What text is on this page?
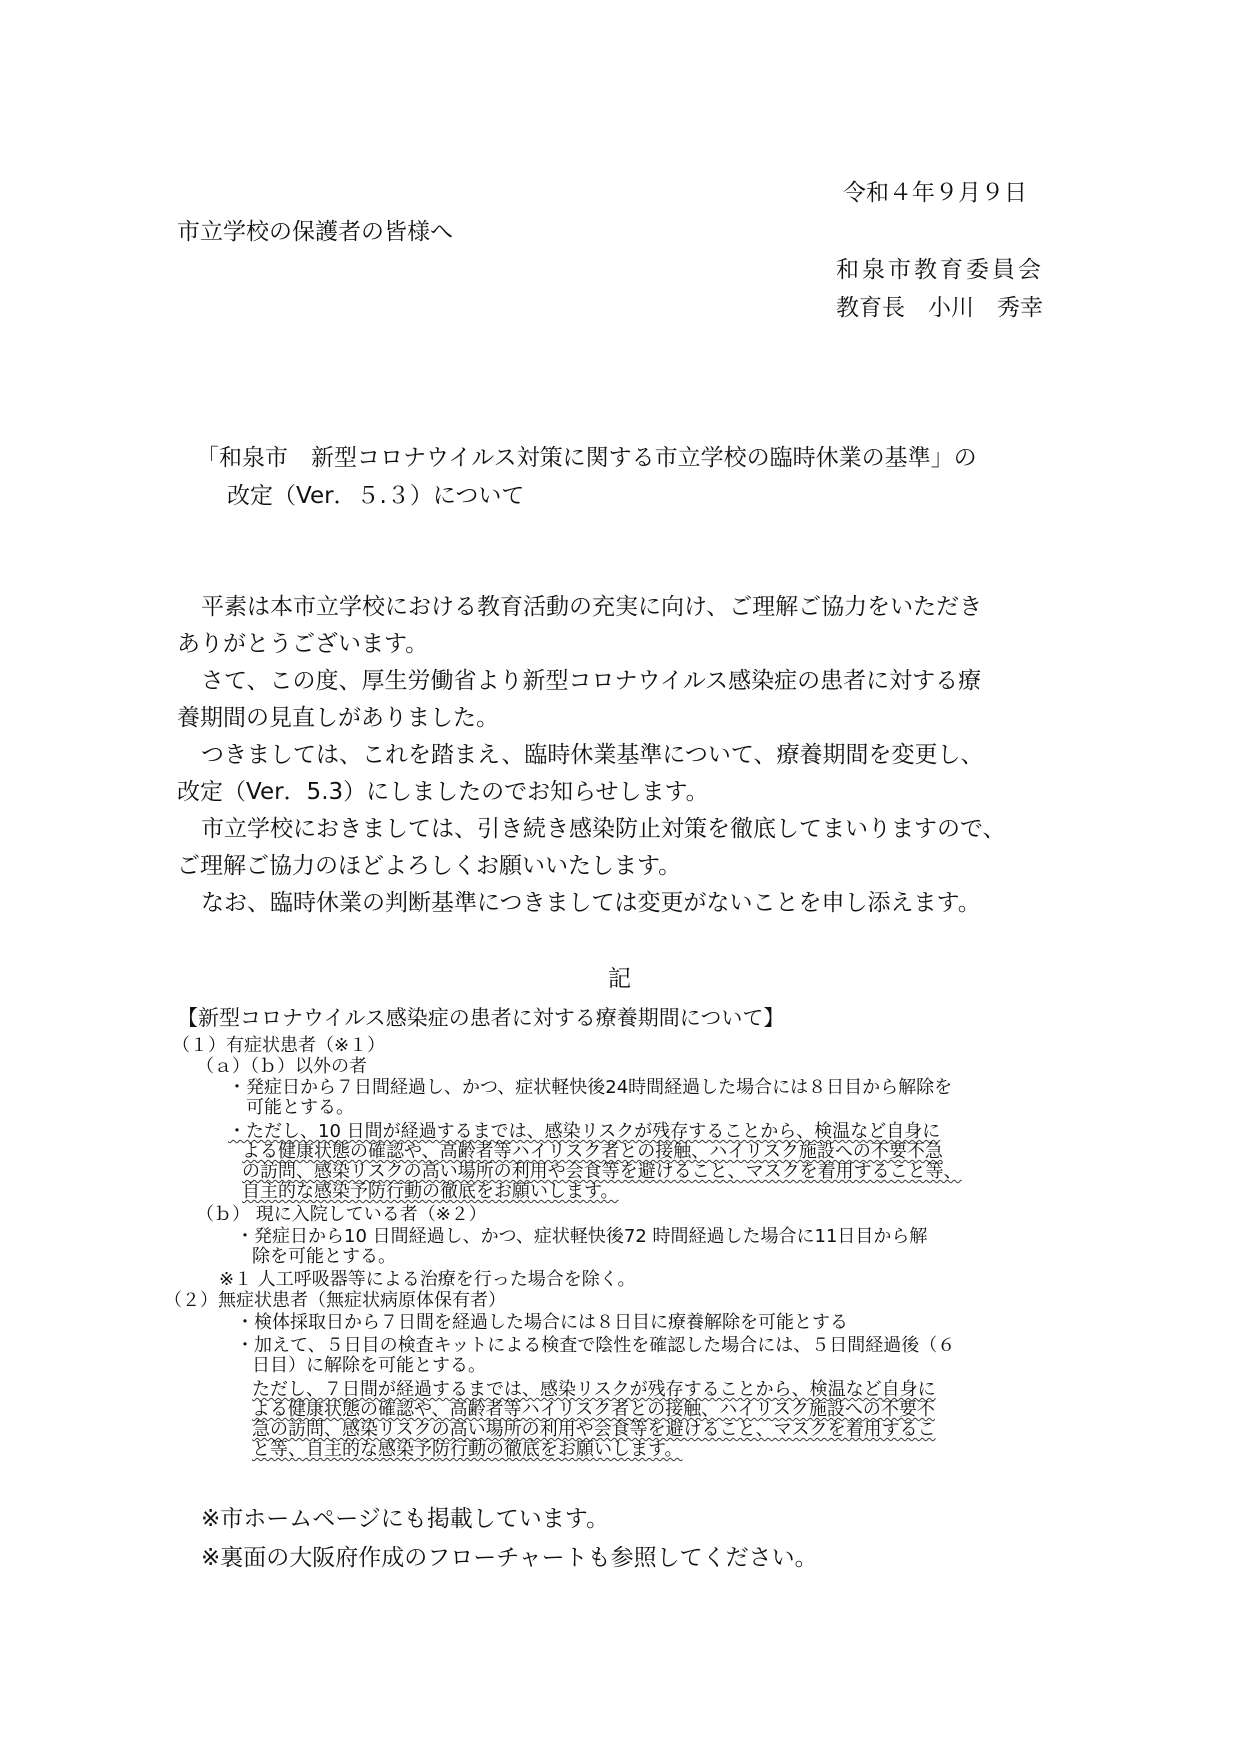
令和４年９月９日
市立学校の保護者の皆様へ
和泉市教育委員会
教育長　小川　秀幸
「和泉市　新型コロナウイルス対策に関する市立学校の臨時休業の基準」の
改定（Ver．５.３）について
平素は本市立学校における教育活動の充実に向け、ご理解ご協力をいただき
ありがとうございます。
さて、この度、厚生労働省より新型コロナウイルス感染症の患者に対する療
養期間の見直しがありました。
つきましては、これを踏まえ、臨時休業基準について、療養期間を変更し、
改定（Ver．5.3）にしましたのでお知らせします。
市立学校におきましては、引き続き感染防止対策を徹底してまいりますので、
ご理解ご協力のほどよろしくお願いいたします。
なお、臨時休業の判断基準につきましては変更がないことを申し添えます。
記
【新型コロナウイルス感染症の患者に対する療養期間について】
（１）有症状患者（※１）
（ａ）（ｂ）以外の者
・発症日から７日間経過し、かつ、症状軽快後24時間経過した場合には８日目から解除を
可能とする。
・ただし、10 日間が経過するまでは、感染リスクが残存することから、検温など自身に
よる健康状態の確認や、高齢者等ハイリスク者との接触、ハイリスク施設への不要不急
の訪問、感染リスクの高い場所の利用や会食等を避けること、マスクを着用すること等、
自主的な感染予防行動の徹底をお願いします。
（ｂ） 現に入院している者（※２）
・発症日から10 日間経過し、かつ、症状軽快後72 時間経過した場合に11日目から解
除を可能とする。
※１ 人工呼吸器等による治療を行った場合を除く。
（２）無症状患者（無症状病原体保有者）
・検体採取日から７日間を経過した場合には８日目に療養解除を可能とする
・加えて、５日目の検査キットによる検査で陰性を確認した場合には、５日間経過後（６
日目）に解除を可能とする。
ただし、７日間が経過するまでは、感染リスクが残存することから、検温など自身に
よる健康状態の確認や、高齢者等ハイリスク者との接触、ハイリスク施設への不要不
急の訪問、感染リスクの高い場所の利用や会食等を避けること、マスクを着用するこ
と等、自主的な感染予防行動の徹底をお願いします。
※市ホームページにも掲載しています。
※裏面の大阪府作成のフローチャートも参照してください。
